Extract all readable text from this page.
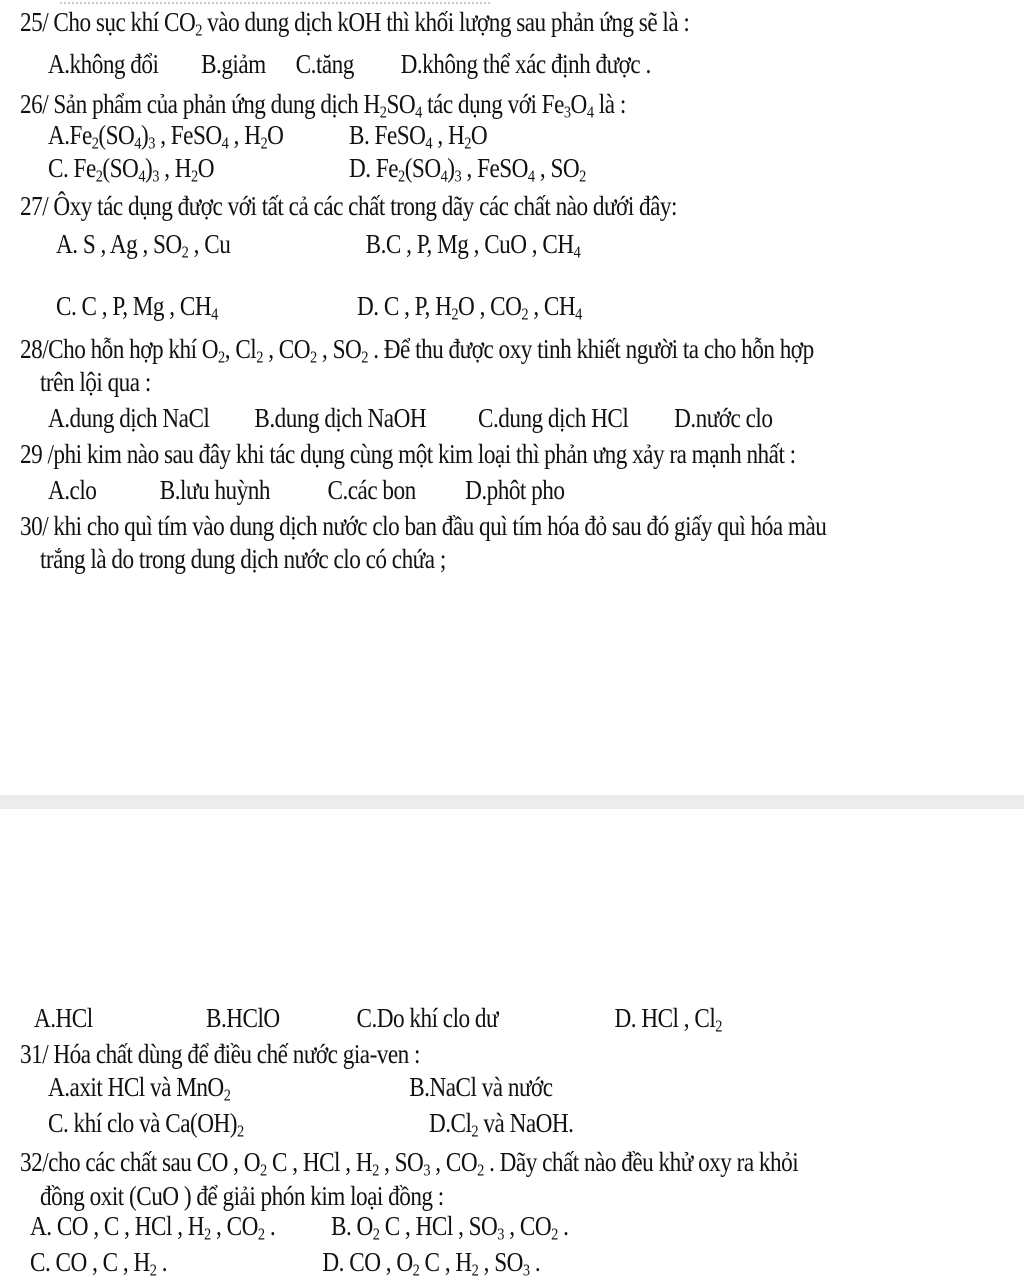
25/ Cho sục khí $CO_2$ vào dung dịch kOH thì khối lượng sau phản ứng sẽ là :
A.không đổi B.giảm C.tăng D.không thể xác định được .
26/ Sản phẩm của phản ứng dung dịch $H_2SO_4$ tác dụng với $Fe_3O_4$ là :
$A.Fe_2(SO_4)_3$ , FeSO$_4$ , $H_2O$ B. FeSO$_4$ , $H_2O$
C. $Fe_2(SO_4)_3$ , $H_2O$	D. $Fe_2(SO_4)_3$ , FeSO$_4$ , $SO_2$
27/ Ôxy tác dụng được với tất cả các chất trong dãy các chất nào dưới đây:
A. S , Ag , $SO_2$ , Cu	B.C , P, Mg , CuO , $CH_4$
C. C , P, Mg , $CH_4$	D. C , P, $H_2O$ , $CO_2$ , $CH_4$
28/Cho hỗn hợp khí $O_2$, $Cl_2$ , $CO_2$ , $SO_2$ . Để thu được oxy tinh khiết người ta cho hỗn hợp
trên lội qua :
A.dung dịch NaCl B.dung dịch NaOH C.dung dịch HCl D.nước clo
29 /phi kim nào sau đây khi tác dụng cùng một kim loại thì phản ưng xảy ra mạnh nhất :
A.clo B.lưu huỳnh C.các bon D.phôt pho
30/ khi cho quì tím vào dung dịch nước clo ban đầu quì tím hóa đỏ sau đó giấy quì hóa màu
trắng là do trong dung dịch nước clo có chứa ;
A.HCl	B.HClO	C.Do khí clo dư	D. HCl , $Cl_2$
31/ Hóa chất dùng để điều chế nước gia-ven :
A.axit HCl và MnO$_2$	B.NaCl và nước
C. khí clo và $Ca(OH)_2$	$D.Cl_2$ và NaOH.
32/cho các chất sau CO , $O_2$ C , HCl , $H_2$ , $SO_3$ , $CO_2$ . Dãy chất nào đều khử oxy ra khỏi
đồng oxit (CuO ) để giải phón kim loại đồng :
A. CO , C , HCl , $H_2$ , $CO_2$ . B. $O_2$ C , HCl , $SO_3$ , $CO_2$ .
C. CO , C , $H_2$ .	D. CO , $O_2$ C , $H_2$ , $SO_3$ .
